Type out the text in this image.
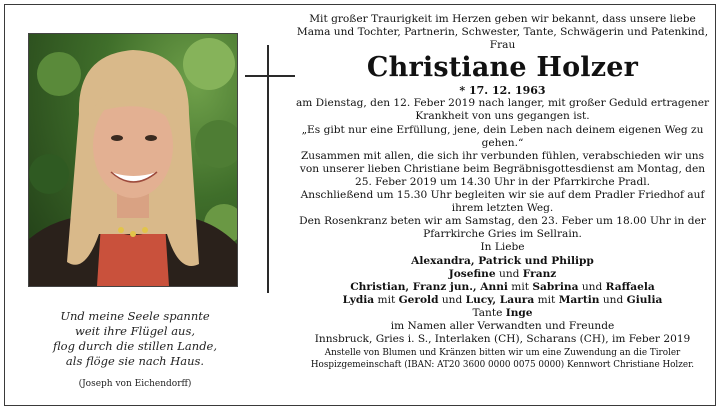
Und meine Seele spannte
weit ihre Flügel aus,
flog durch die stillen Lande,
als flöge sie nach Haus.
(Joseph von Eichendorff)

Mit großer Traurigkeit im Herzen geben wir bekannt, dass unsere liebe Mama und Tochter, Partnerin, Schwester, Tante, Schwägerin und Patenkind, Frau

Christiane Holzer

* 17. 12. 1963

am Dienstag, den 12. Feber 2019 nach langer, mit großer Geduld ertragener Krankheit von uns gegangen ist.

„Es gibt nur eine Erfüllung, jene, dein Leben nach deinem eigenen Weg zu gehen.“

Zusammen mit allen, die sich ihr verbunden fühlen, verabschieden wir uns von unserer lieben Christiane beim Begräbnisgottesdienst am Montag, den 25. Feber 2019 um 14.30 Uhr in der Pfarrkirche Pradl.

Anschließend um 15.30 Uhr begleiten wir sie auf dem Pradler Friedhof auf ihrem letzten Weg.

Den Rosenkranz beten wir am Samstag, den 23. Feber um 18.00 Uhr in der Pfarrkirche Gries im Sellrain.

In Liebe

Alexandra, Patrick und Philipp

Josefine und Franz

Christian, Franz jun., Anni mit Sabrina und Raffaela

Lydia mit Gerold und Lucy, Laura mit Martin und Giulia

Tante Inge

im Namen aller Verwandten und Freunde

Innsbruck, Gries i. S., Interlaken (CH), Scharans (CH), im Feber 2019

Anstelle von Blumen und Kränzen bitten wir um eine Zuwendung an die Tiroler Hospizgemeinschaft (IBAN: AT20 3600 0000 0075 0000) Kennwort Christiane Holzer.
